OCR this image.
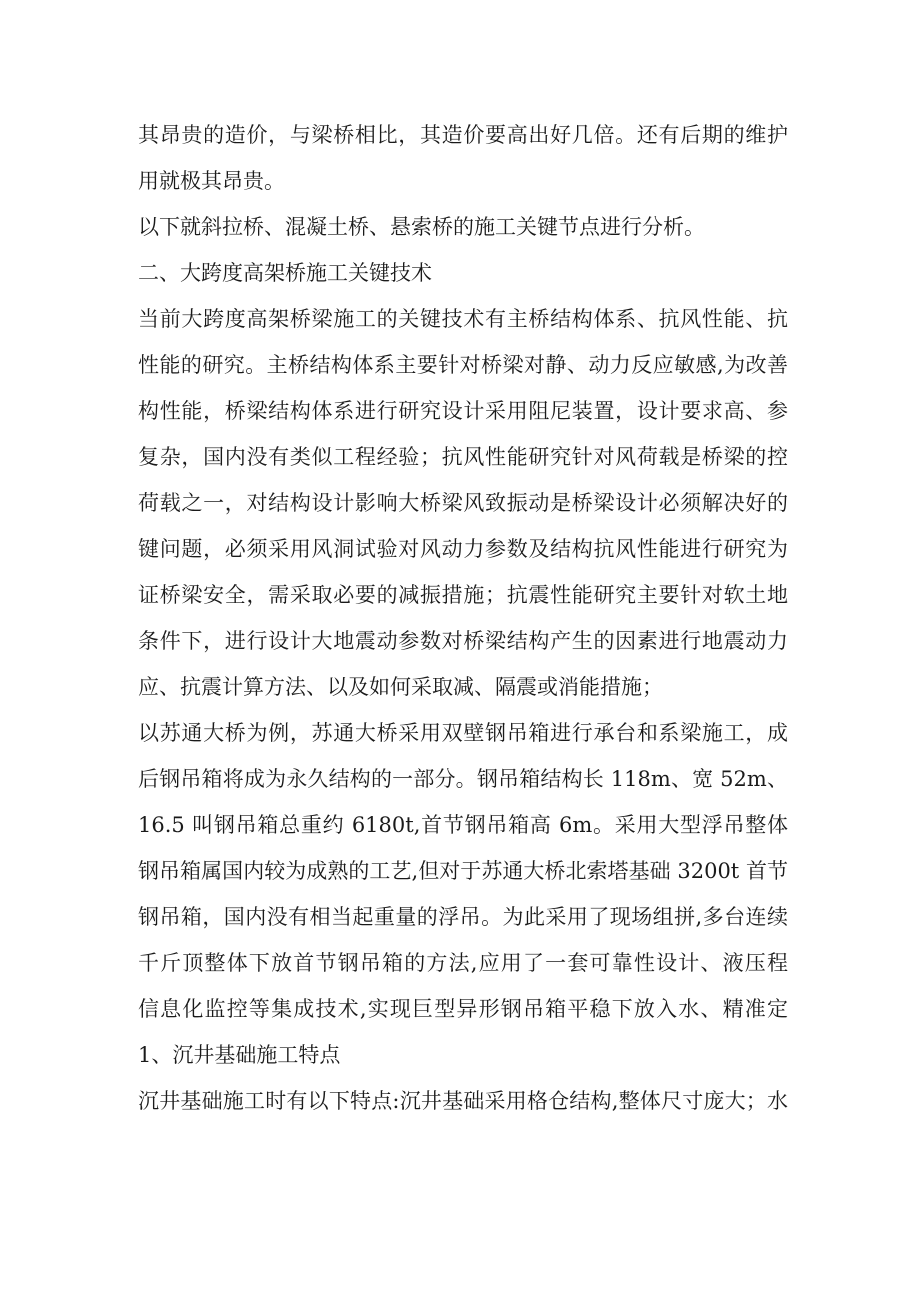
其昂贵的造价，与梁桥相比，其造价要高出好几倍。还有后期的维护
用就极其昂贵。
以下就斜拉桥、混凝土桥、悬索桥的施工关键节点进行分析。
二、大跨度高架桥施工关键技术
当前大跨度高架桥梁施工的关键技术有主桥结构体系、抗风性能、抗
性能的研究。主桥结构体系主要针对桥梁对静、动力反应敏感,为改善
构性能，桥梁结构体系进行研究设计采用阻尼装置，设计要求高、参
复杂，国内没有类似工程经验；抗风性能研究针对风荷载是桥梁的控
荷载之一，对结构设计影响大桥梁风致振动是桥梁设计必须解决好的
键问题，必须采用风洞试验对风动力参数及结构抗风性能进行研究为
证桥梁安全，需采取必要的减振措施；抗震性能研究主要针对软土地
条件下，进行设计大地震动参数对桥梁结构产生的因素进行地震动力
应、抗震计算方法、以及如何采取减、隔震或消能措施；
以苏通大桥为例，苏通大桥采用双壁钢吊箱进行承台和系梁施工，成
后钢吊箱将成为永久结构的一部分。钢吊箱结构长 118m、宽 52m、
16.5 叫钢吊箱总重约 6180t,首节钢吊箱高 6m。采用大型浮吊整体
钢吊箱属国内较为成熟的工艺,但对于苏通大桥北索塔基础 3200t 首节
钢吊箱，国内没有相当起重量的浮吊。为此采用了现场组拼,多台连续
千斤顶整体下放首节钢吊箱的方法,应用了一套可靠性设计、液压程
信息化监控等集成技术,实现巨型异形钢吊箱平稳下放入水、精准定
1、沉井基础施工特点
沉井基础施工时有以下特点:沉井基础采用格仓结构,整体尺寸庞大；水
